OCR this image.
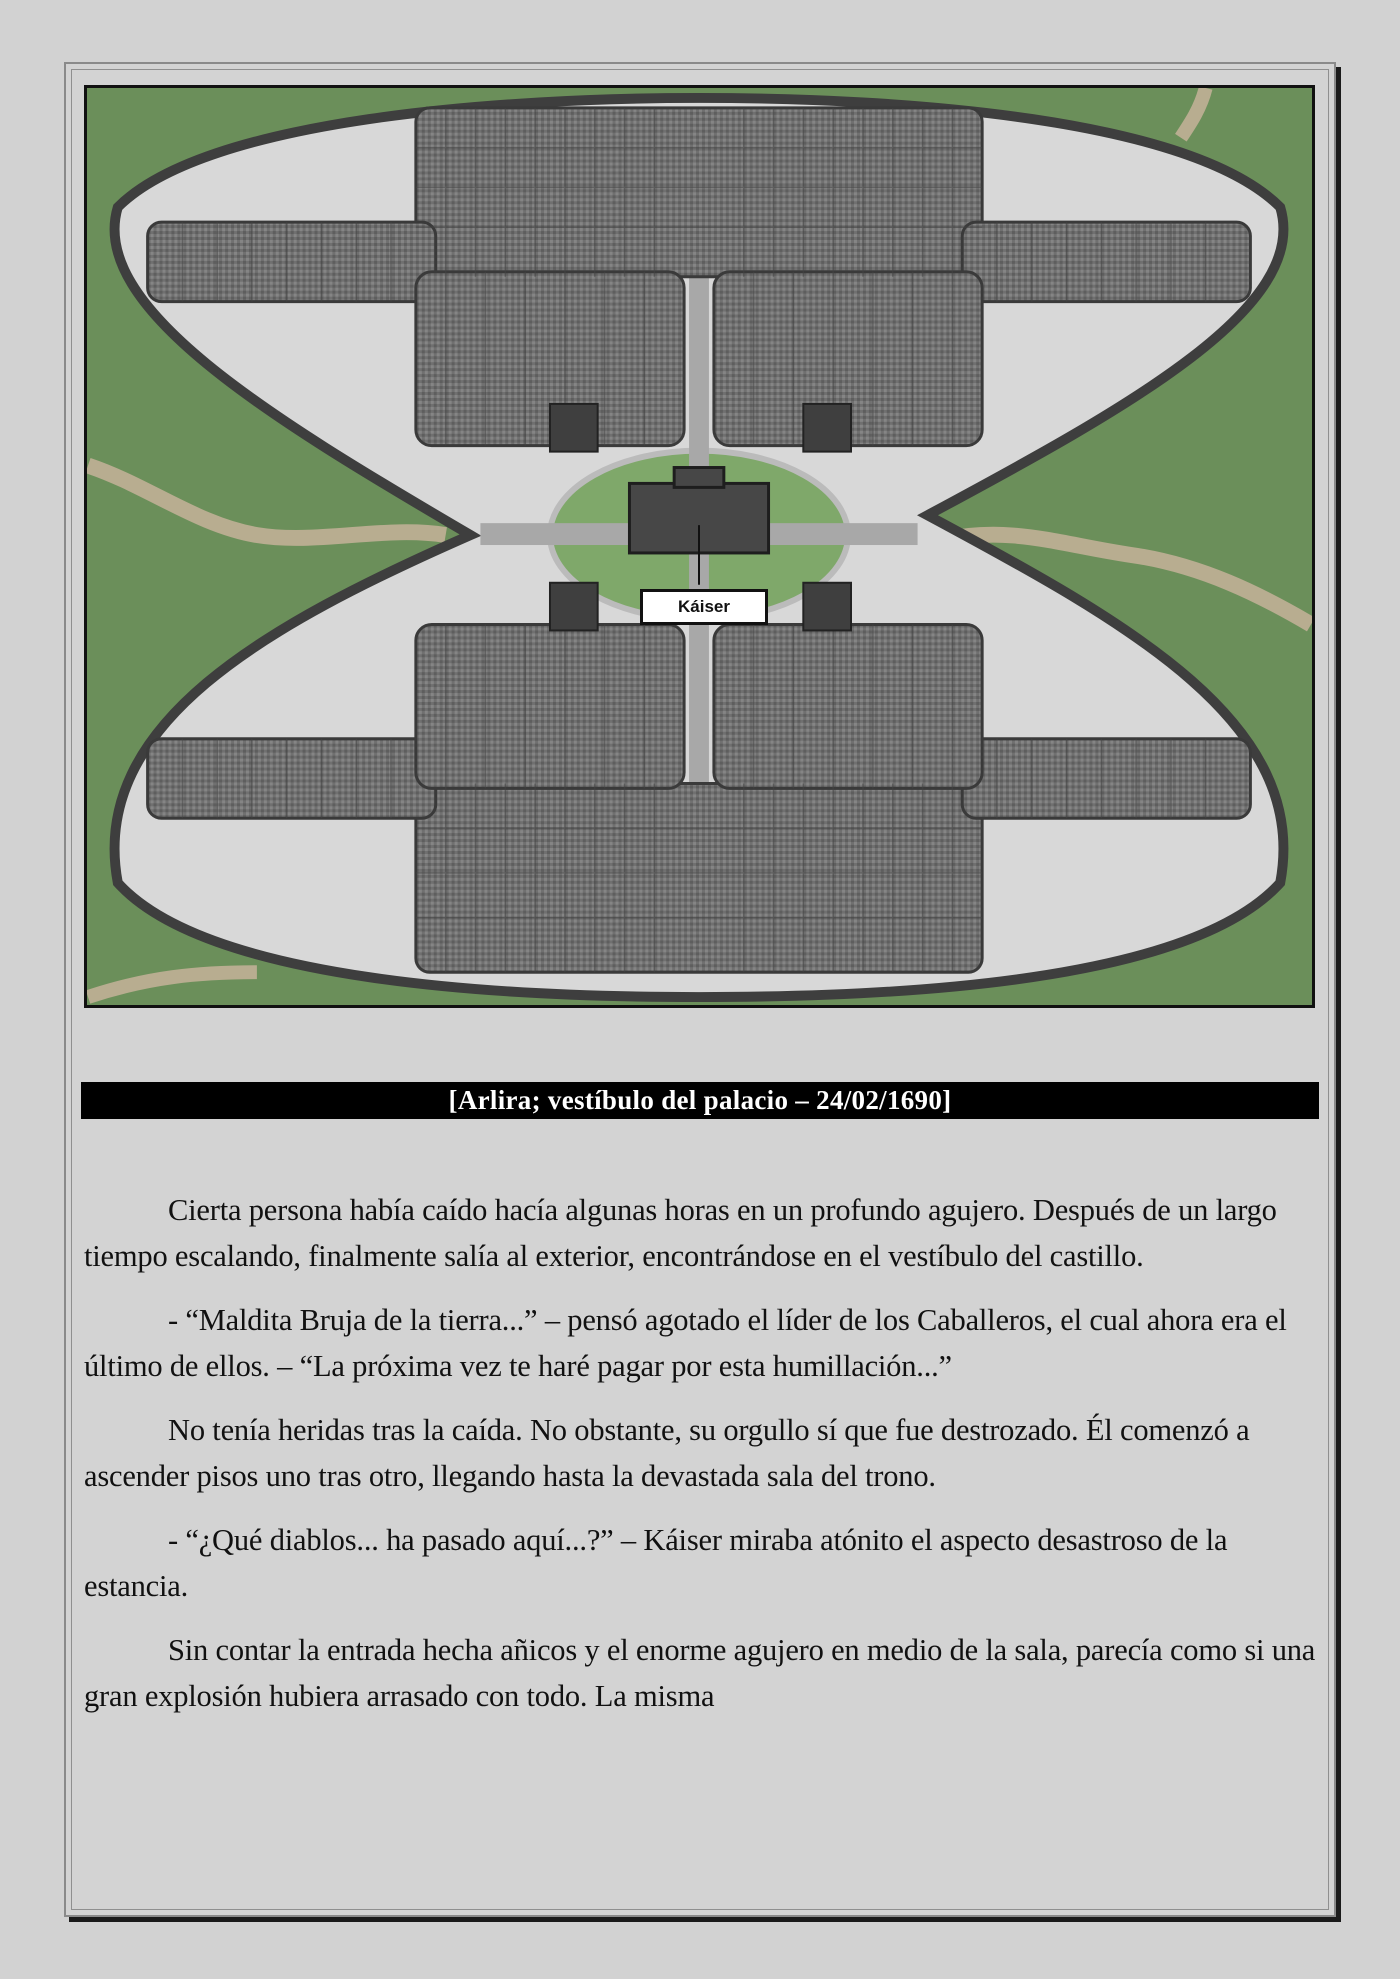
Káiser
[Arlira; vestíbulo del palacio – 24/02/1690]

Cierta persona había caído hacía algunas horas en un profundo agujero. Después de un largo tiempo escalando, finalmente salía al exterior, encontrándose en el vestíbulo del castillo.

- “Maldita Bruja de la tierra...” – pensó agotado el líder de los Caballeros, el cual ahora era el último de ellos. – “La próxima vez te haré pagar por esta humillación...”

No tenía heridas tras la caída. No obstante, su orgullo sí que fue destrozado. Él comenzó a ascender pisos uno tras otro, llegando hasta la devastada sala del trono.

- “¿Qué diablos... ha pasado aquí...?” – Káiser miraba atónito el aspecto desastroso de la estancia.

Sin contar la entrada hecha añicos y el enorme agujero en medio de la sala, parecía como si una gran explosión hubiera arrasado con todo. La misma
